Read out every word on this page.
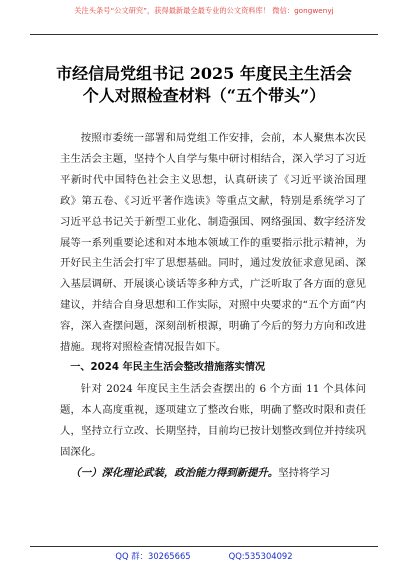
关注头条号“公文研究”，获得最新最全最专业的公文资料库！ 微信：gongwenyj
市经信局党组书记 2025 年度民主生活会
个人对照检查材料（“五个带头”）

按照市委统一部署和局党组工作安排，会前，本人聚焦本次民主生活会主题，坚持个人自学与集中研讨相结合，深入学习了习近平新时代中国特色社会主义思想，认真研读了《习近平谈治国理政》第五卷、《习近平著作选读》等重点文献，特别是系统学习了习近平总书记关于新型工业化、制造强国、网络强国、数字经济发展等一系列重要论述和对本地本领域工作的重要指示批示精神，为开好民主生活会打牢了思想基础。同时，通过发放征求意见函、深入基层调研、开展谈心谈话等多种方式，广泛听取了各方面的意见建议，并结合自身思想和工作实际，对照中央要求的“五个方面”内容，深入查摆问题，深刻剖析根源，明确了今后的努力方向和改进措施。现将对照检查情况报告如下。

一、2024 年民主生活会整改措施落实情况

针对 2024 年度民主生活会查摆出的 6 个方面 11 个具体问题，本人高度重视，逐项建立了整改台账，明确了整改时限和责任人，坚持立行立改、长期坚持，目前均已按计划整改到位并持续巩固深化。

（一）深化理论武装，政治能力得到新提升。坚持将学习

QQ 群：30265665	QQ:535304092
